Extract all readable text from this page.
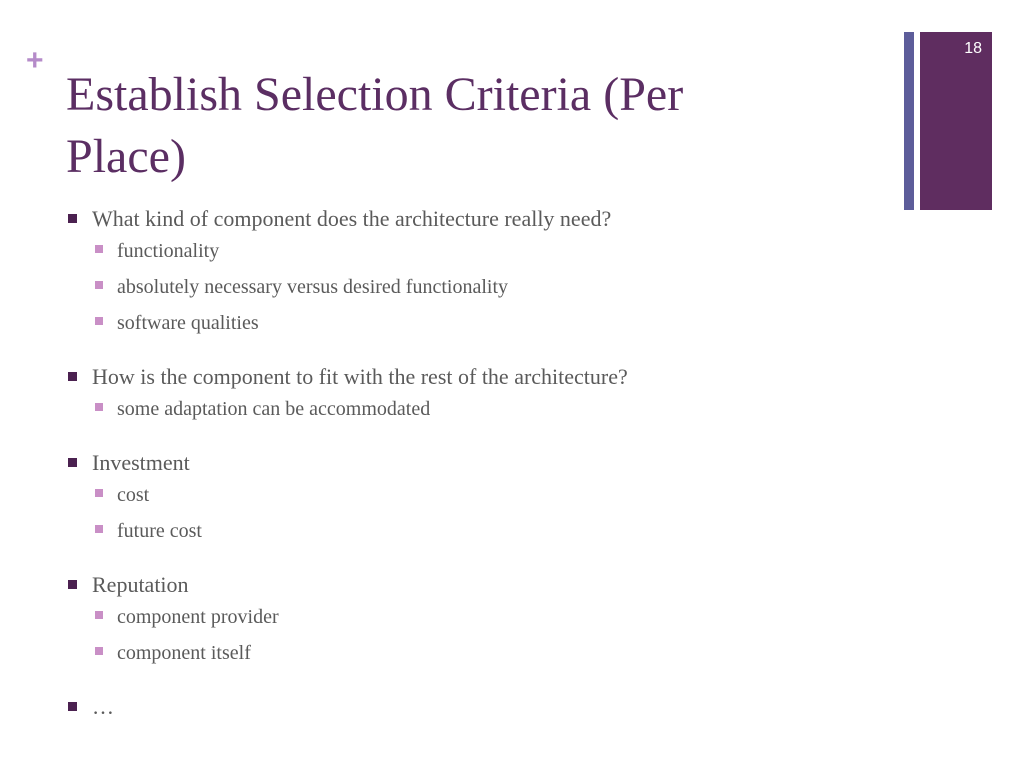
+
Establish Selection Criteria (Per
Place)
18

What kind of component does the architecture really need?

functionality
absolutely necessary versus desired functionality
software qualities

How is the component to fit with the rest of the architecture?

some adaptation can be accommodated

Investment

cost
future cost

Reputation

component provider
component itself

…
